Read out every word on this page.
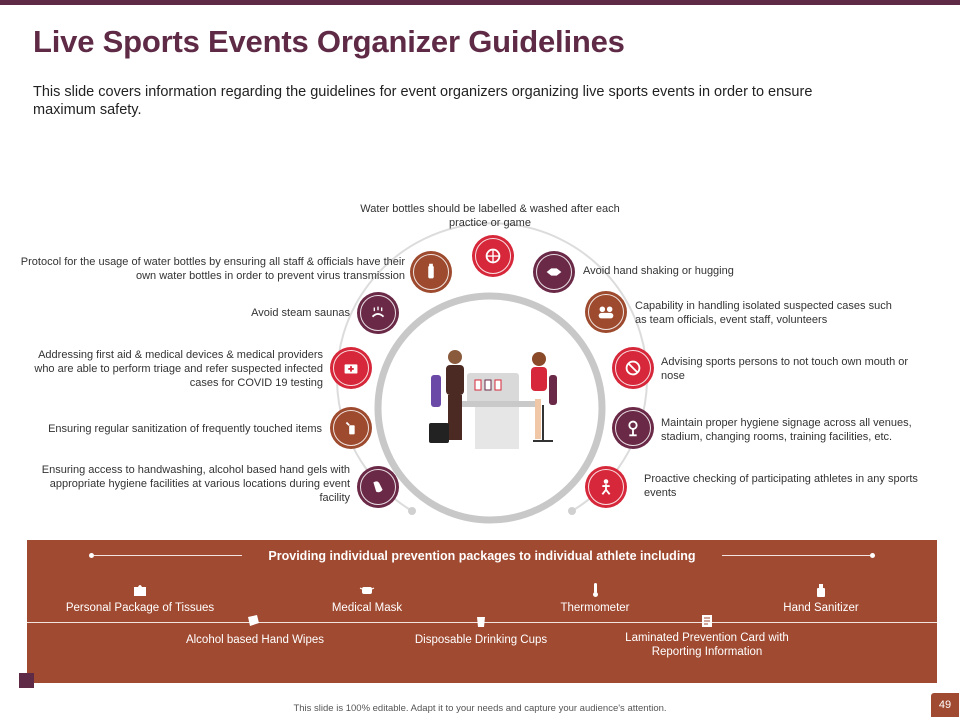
Live Sports Events Organizer Guidelines
This slide covers information regarding the guidelines for event organizers organizing live sports events in order to ensure maximum safety.
Water bottles should be labelled & washed after each practice or game
Protocol for the usage of water bottles by ensuring all staff & officials have their own water bottles in order to prevent virus transmission
Avoid steam saunas
Addressing first aid & medical devices & medical providers who are able to perform triage and refer suspected infected cases for COVID 19 testing
Ensuring regular sanitization of frequently touched items
Ensuring access to handwashing, alcohol based hand gels with appropriate hygiene facilities at various locations during event facility
Avoid hand shaking or hugging
Capability in handling isolated suspected cases such as team officials, event staff, volunteers
Advising sports persons to not touch own mouth or nose
Maintain proper hygiene signage across all venues, stadium, changing rooms, training facilities, etc.
Proactive checking of participating athletes in any sports events
Providing individual prevention packages to individual athlete including
Personal Package of Tissues	Medical Mask	Thermometer	Hand Sanitizer
Alcohol based Hand Wipes	Disposable Drinking Cups	Laminated Prevention Card with Reporting Information
This slide is 100% editable. Adapt it to your needs and capture your audience's attention.	49
